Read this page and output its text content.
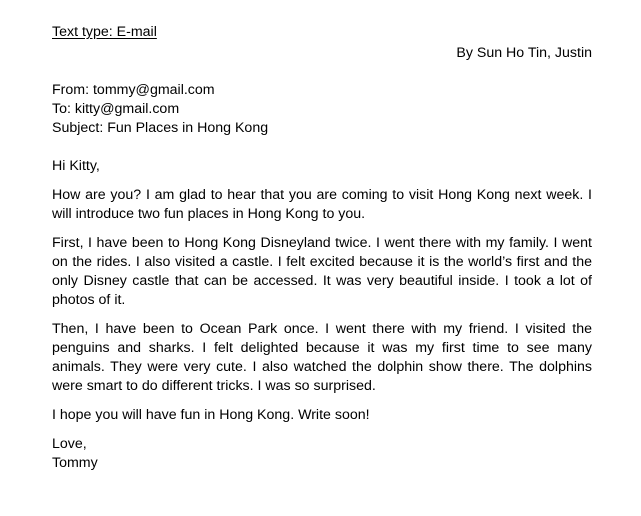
Text type: E-mail

By Sun Ho Tin, Justin

From: tommy@gmail.com
To: kitty@gmail.com
Subject: Fun Places in Hong Kong

Hi Kitty,

How are you? I am glad to hear that you are coming to visit Hong Kong next week. I will introduce two fun places in Hong Kong to you.

First, I have been to Hong Kong Disneyland twice. I went there with my family. I went on the rides. I also visited a castle. I felt excited because it is the world’s first and the only Disney castle that can be accessed. It was very beautiful inside. I took a lot of photos of it.

Then, I have been to Ocean Park once. I went there with my friend. I visited the penguins and sharks. I felt delighted because it was my first time to see many animals. They were very cute. I also watched the dolphin show there. The dolphins were smart to do different tricks. I was so surprised.

I hope you will have fun in Hong Kong. Write soon!

Love,
Tommy
